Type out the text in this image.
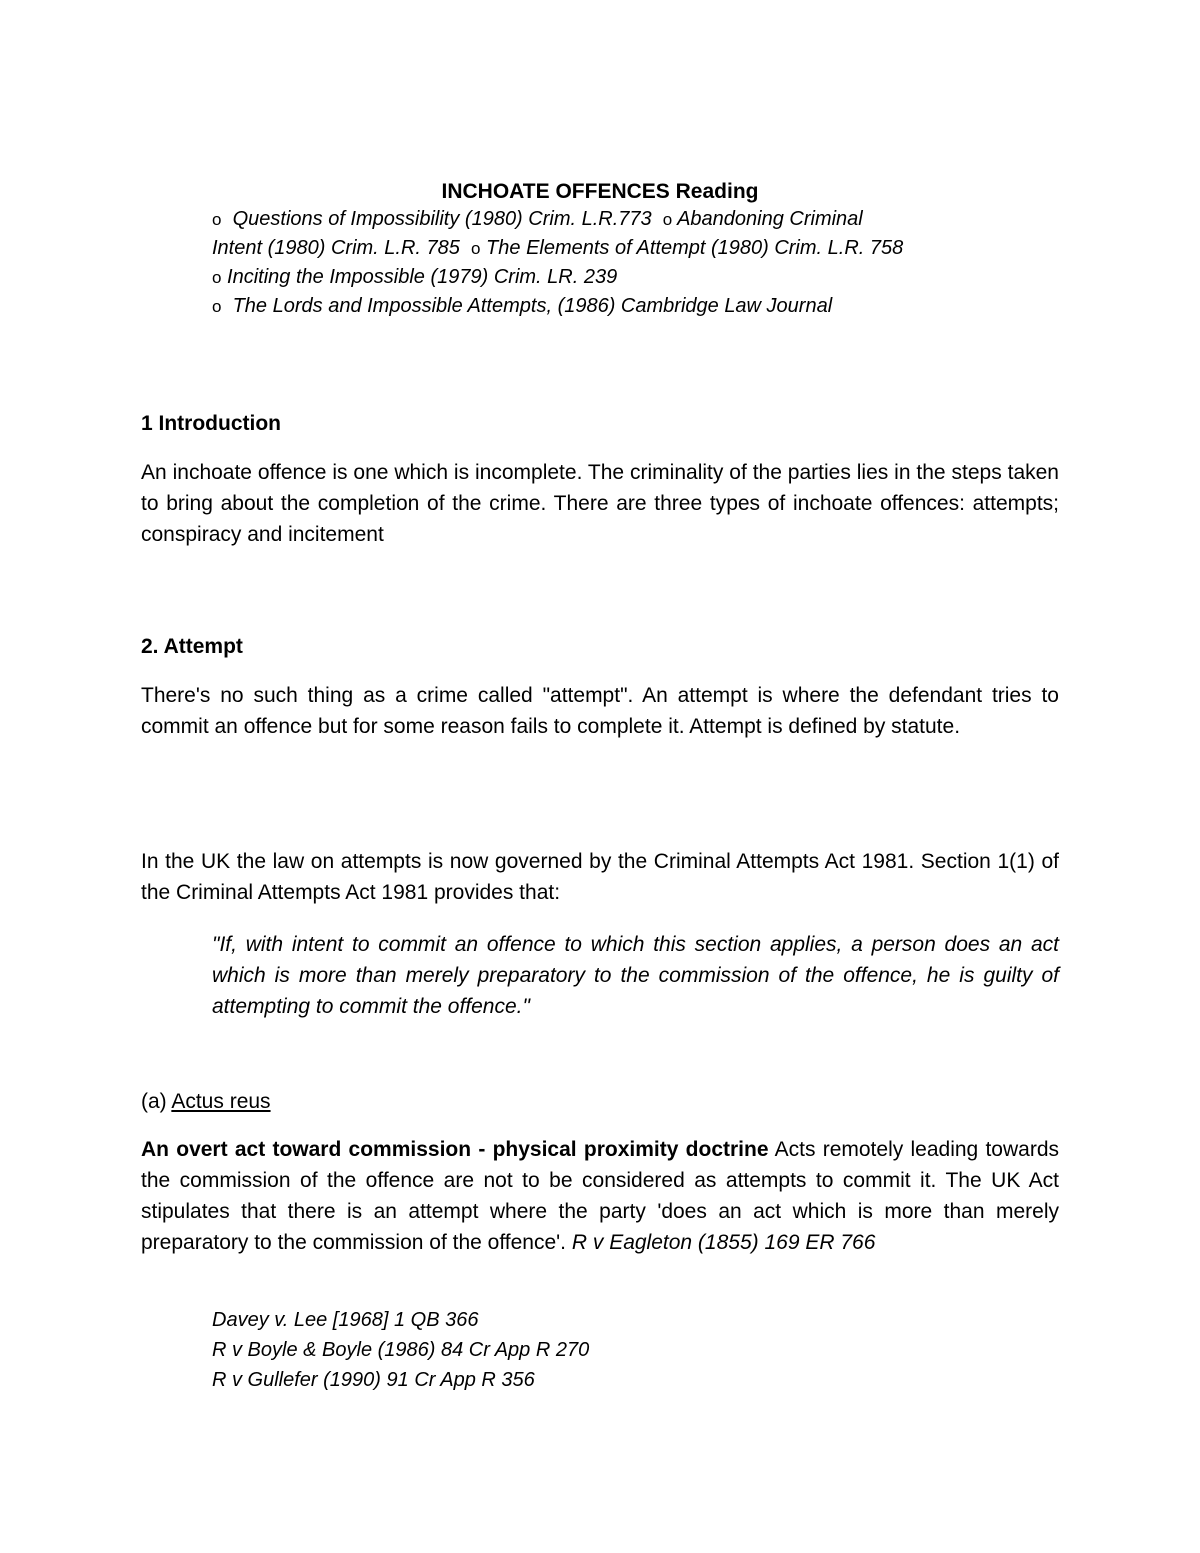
INCHOATE OFFENCES Reading
o Questions of Impossibility (1980) Crim. L.R.773 o Abandoning Criminal Intent (1980) Crim. L.R. 785 o The Elements of Attempt (1980) Crim. L.R. 758 o Inciting the Impossible (1979) Crim. LR. 239
o The Lords and Impossible Attempts, (1986) Cambridge Law Journal
1 Introduction
An inchoate offence is one which is incomplete. The criminality of the parties lies in the steps taken to bring about the completion of the crime. There are three types of inchoate offences: attempts; conspiracy and incitement
2. Attempt
There's no such thing as a crime called "attempt". An attempt is where the defendant tries to commit an offence but for some reason fails to complete it. Attempt is defined by statute.
In the UK the law on attempts is now governed by the Criminal Attempts Act 1981. Section 1(1) of the Criminal Attempts Act 1981 provides that:
"If, with intent to commit an offence to which this section applies, a person does an act which is more than merely preparatory to the commission of the offence, he is guilty of attempting to commit the offence."
(a) Actus reus
An overt act toward commission - physical proximity doctrine Acts remotely leading towards the commission of the offence are not to be considered as attempts to commit it. The UK Act stipulates that there is an attempt where the party 'does an act which is more than merely preparatory to the commission of the offence'. R v Eagleton (1855) 169 ER 766
Davey v. Lee [1968] 1 QB 366
R v Boyle & Boyle (1986) 84 Cr App R 270
R v Gullefer (1990) 91 Cr App R 356
